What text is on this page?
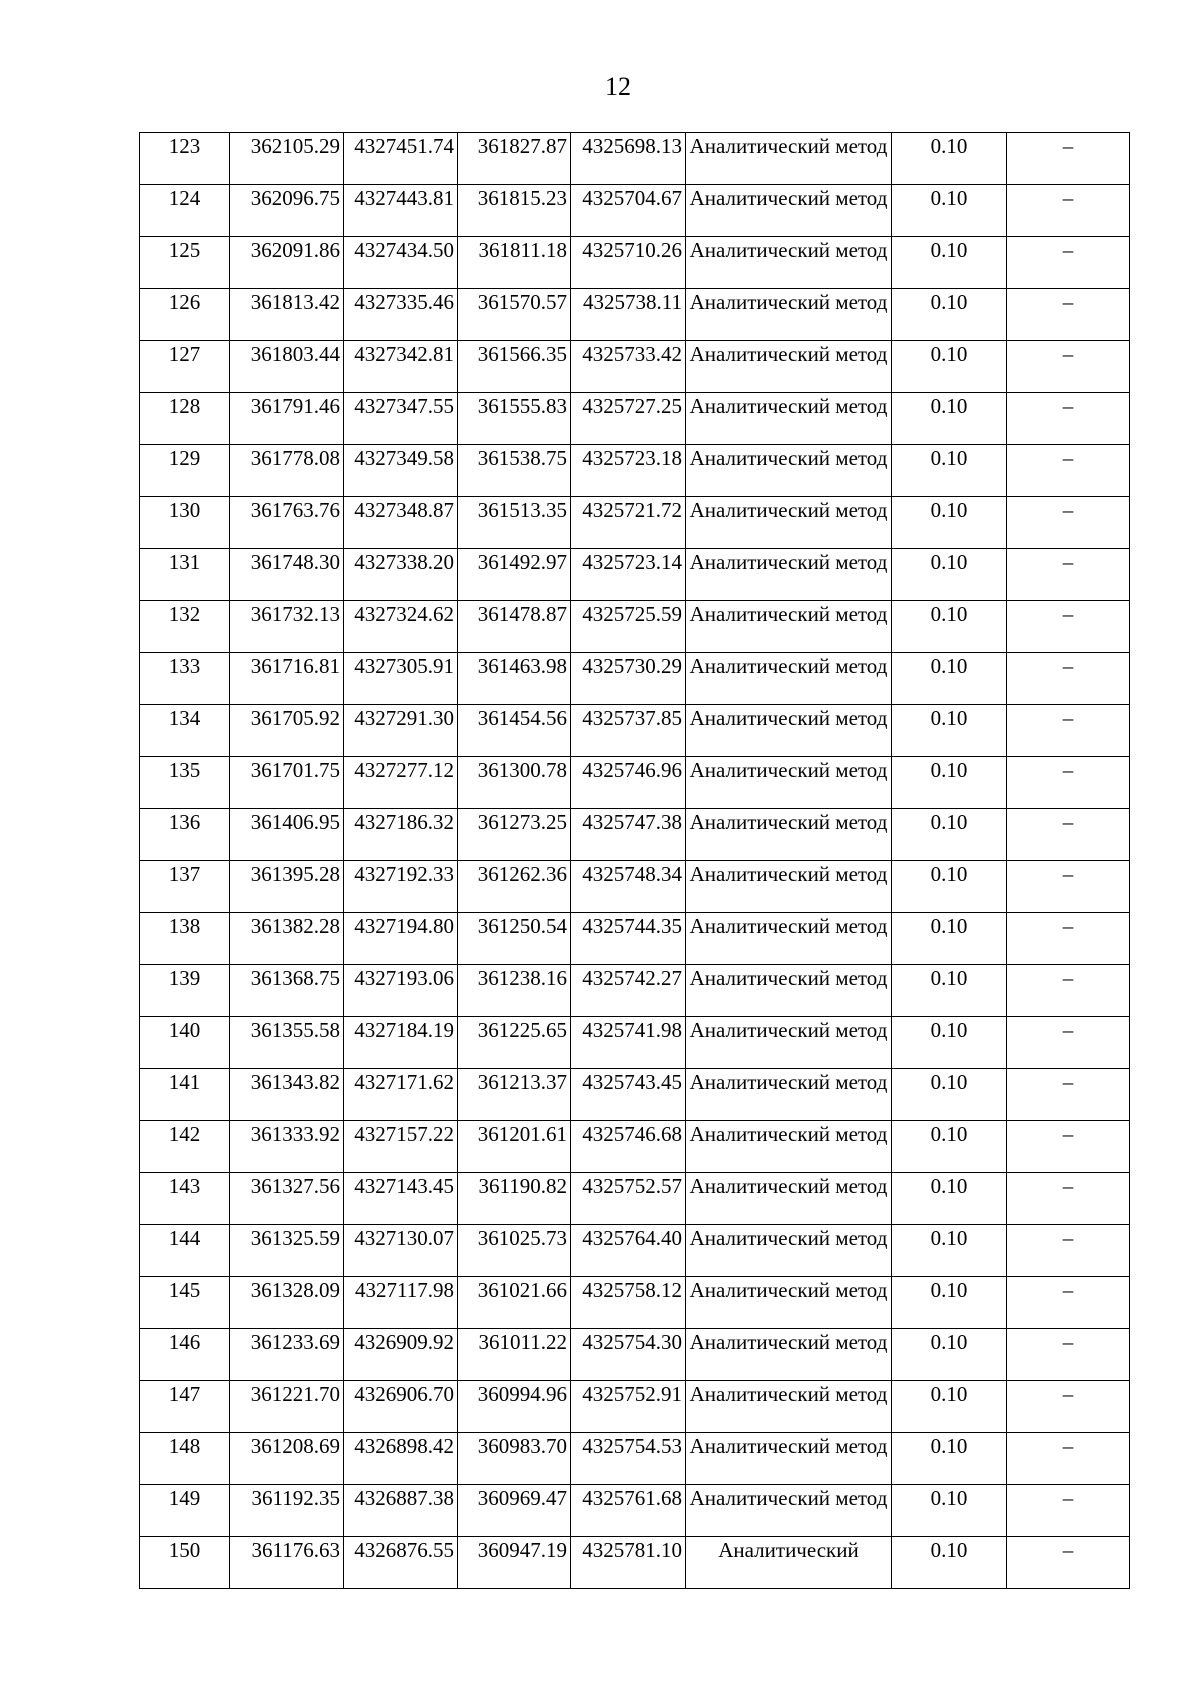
12
123	362105.29	4327451.74	361827.87	4325698.13	Аналитический метод	0.10	–
124	362096.75	4327443.81	361815.23	4325704.67	Аналитический метод	0.10	–
125	362091.86	4327434.50	361811.18	4325710.26	Аналитический метод	0.10	–
126	361813.42	4327335.46	361570.57	4325738.11	Аналитический метод	0.10	–
127	361803.44	4327342.81	361566.35	4325733.42	Аналитический метод	0.10	–
128	361791.46	4327347.55	361555.83	4325727.25	Аналитический метод	0.10	–
129	361778.08	4327349.58	361538.75	4325723.18	Аналитический метод	0.10	–
130	361763.76	4327348.87	361513.35	4325721.72	Аналитический метод	0.10	–
131	361748.30	4327338.20	361492.97	4325723.14	Аналитический метод	0.10	–
132	361732.13	4327324.62	361478.87	4325725.59	Аналитический метод	0.10	–
133	361716.81	4327305.91	361463.98	4325730.29	Аналитический метод	0.10	–
134	361705.92	4327291.30	361454.56	4325737.85	Аналитический метод	0.10	–
135	361701.75	4327277.12	361300.78	4325746.96	Аналитический метод	0.10	–
136	361406.95	4327186.32	361273.25	4325747.38	Аналитический метод	0.10	–
137	361395.28	4327192.33	361262.36	4325748.34	Аналитический метод	0.10	–
138	361382.28	4327194.80	361250.54	4325744.35	Аналитический метод	0.10	–
139	361368.75	4327193.06	361238.16	4325742.27	Аналитический метод	0.10	–
140	361355.58	4327184.19	361225.65	4325741.98	Аналитический метод	0.10	–
141	361343.82	4327171.62	361213.37	4325743.45	Аналитический метод	0.10	–
142	361333.92	4327157.22	361201.61	4325746.68	Аналитический метод	0.10	–
143	361327.56	4327143.45	361190.82	4325752.57	Аналитический метод	0.10	–
144	361325.59	4327130.07	361025.73	4325764.40	Аналитический метод	0.10	–
145	361328.09	4327117.98	361021.66	4325758.12	Аналитический метод	0.10	–
146	361233.69	4326909.92	361011.22	4325754.30	Аналитический метод	0.10	–
147	361221.70	4326906.70	360994.96	4325752.91	Аналитический метод	0.10	–
148	361208.69	4326898.42	360983.70	4325754.53	Аналитический метод	0.10	–
149	361192.35	4326887.38	360969.47	4325761.68	Аналитический метод	0.10	–
150	361176.63	4326876.55	360947.19	4325781.10	Аналитический	0.10	–
